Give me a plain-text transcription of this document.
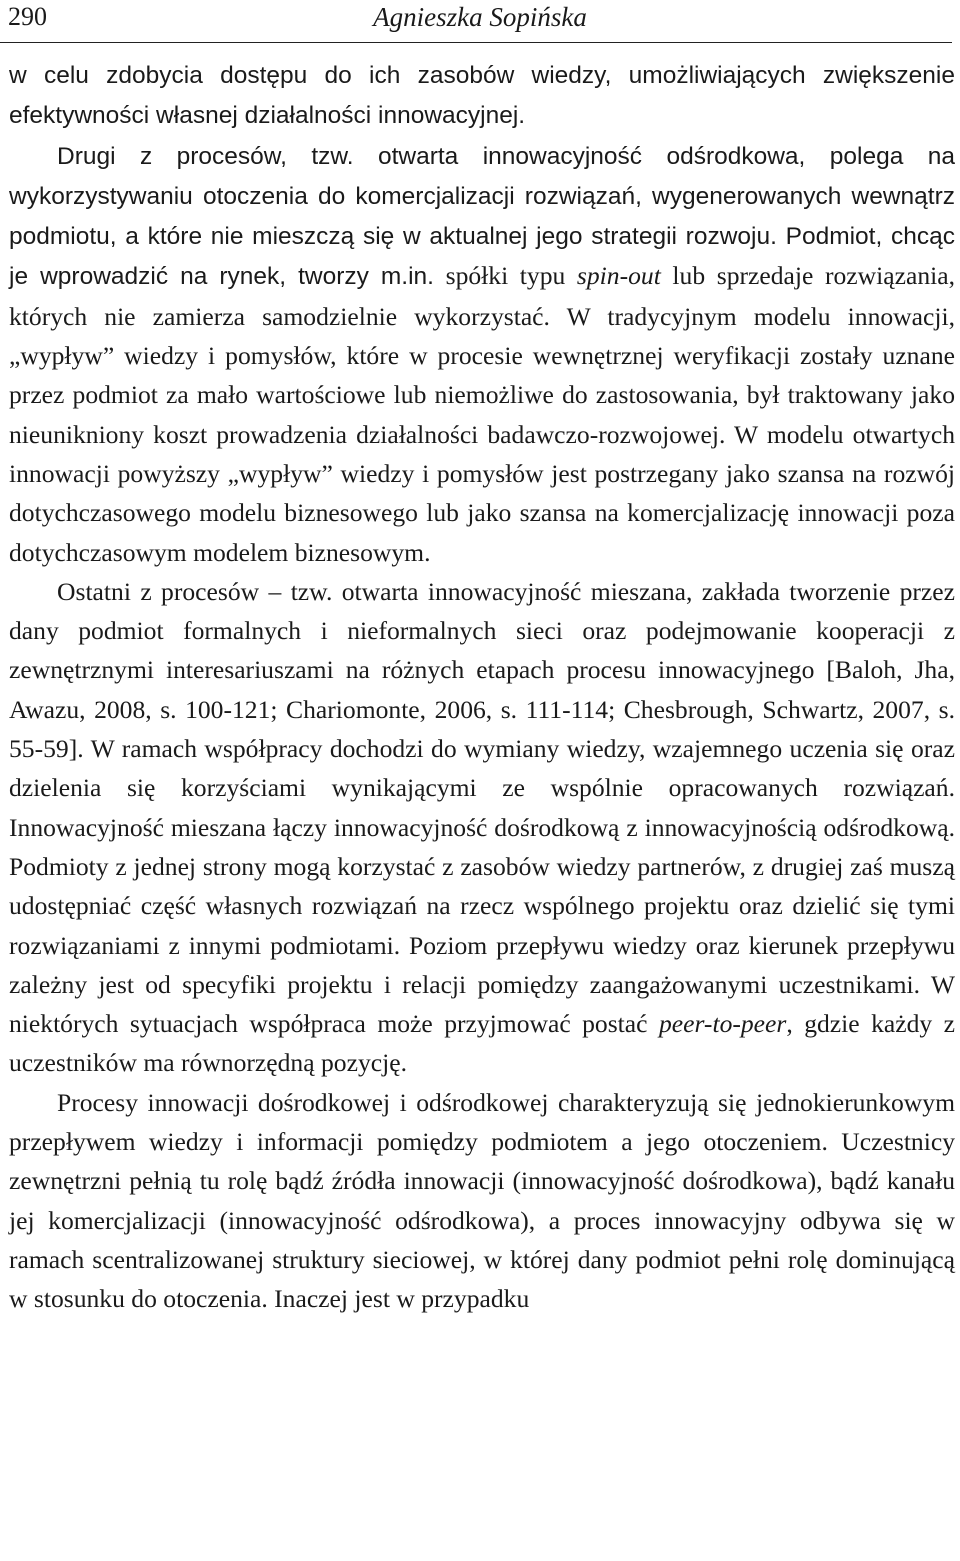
290	Agnieszka Sopińska

w celu zdobycia dostępu do ich zasobów wiedzy, umożliwiających zwiększenie efektywności własnej działalności innowacyjnej.

Drugi z procesów, tzw. otwarta innowacyjność odśrodkowa, polega na wykorzystywaniu otoczenia do komercjalizacji rozwiązań, wygenerowanych wewnątrz podmiotu, a które nie mieszczą się w aktualnej jego strategii rozwoju. Podmiot, chcąc je wprowadzić na rynek, tworzy m.in. spółki typu spin-out lub sprzedaje rozwiązania, których nie zamierza samodzielnie wykorzystać. W tradycyjnym modelu innowacji, „wypływ” wiedzy i pomysłów, które w procesie wewnętrznej weryfikacji zostały uznane przez podmiot za mało wartościowe lub niemożliwe do zastosowania, był traktowany jako nieunikniony koszt prowadzenia działalności badawczo-rozwojowej. W modelu otwartych innowacji powyższy „wypływ” wiedzy i pomysłów jest postrzegany jako szansa na rozwój dotychczasowego modelu biznesowego lub jako szansa na komercjalizację innowacji poza dotychczasowym modelem biznesowym.

Ostatni z procesów – tzw. otwarta innowacyjność mieszana, zakłada tworzenie przez dany podmiot formalnych i nieformalnych sieci oraz podejmowanie kooperacji z zewnętrznymi interesariuszami na różnych etapach procesu innowacyjnego [Baloh, Jha, Awazu, 2008, s. 100-121; Chariomonte, 2006, s. 111-114; Chesbrough, Schwartz, 2007, s. 55-59]. W ramach współpracy dochodzi do wymiany wiedzy, wzajemnego uczenia się oraz dzielenia się korzyściami wynikającymi ze wspólnie opracowanych rozwiązań. Innowacyjność mieszana łączy innowacyjność dośrodkową z innowacyjnością odśrodkową. Podmioty z jednej strony mogą korzystać z zasobów wiedzy partnerów, z drugiej zaś muszą udostępniać część własnych rozwiązań na rzecz wspólnego projektu oraz dzielić się tymi rozwiązaniami z innymi podmiotami. Poziom przepływu wiedzy oraz kierunek przepływu zależny jest od specyfiki projektu i relacji pomiędzy zaangażowanymi uczestnikami. W niektórych sytuacjach współpraca może przyjmować postać peer-to-peer, gdzie każdy z uczestników ma równorzędną pozycję.

Procesy innowacji dośrodkowej i odśrodkowej charakteryzują się jednokierunkowym przepływem wiedzy i informacji pomiędzy podmiotem a jego otoczeniem. Uczestnicy zewnętrzni pełnią tu rolę bądź źródła innowacji (innowacyjność dośrodkowa), bądź kanału jej komercjalizacji (innowacyjność odśrodkowa), a proces innowacyjny odbywa się w ramach scentralizowanej struktury sieciowej, w której dany podmiot pełni rolę dominującą w stosunku do otoczenia. Inaczej jest w przypadku
